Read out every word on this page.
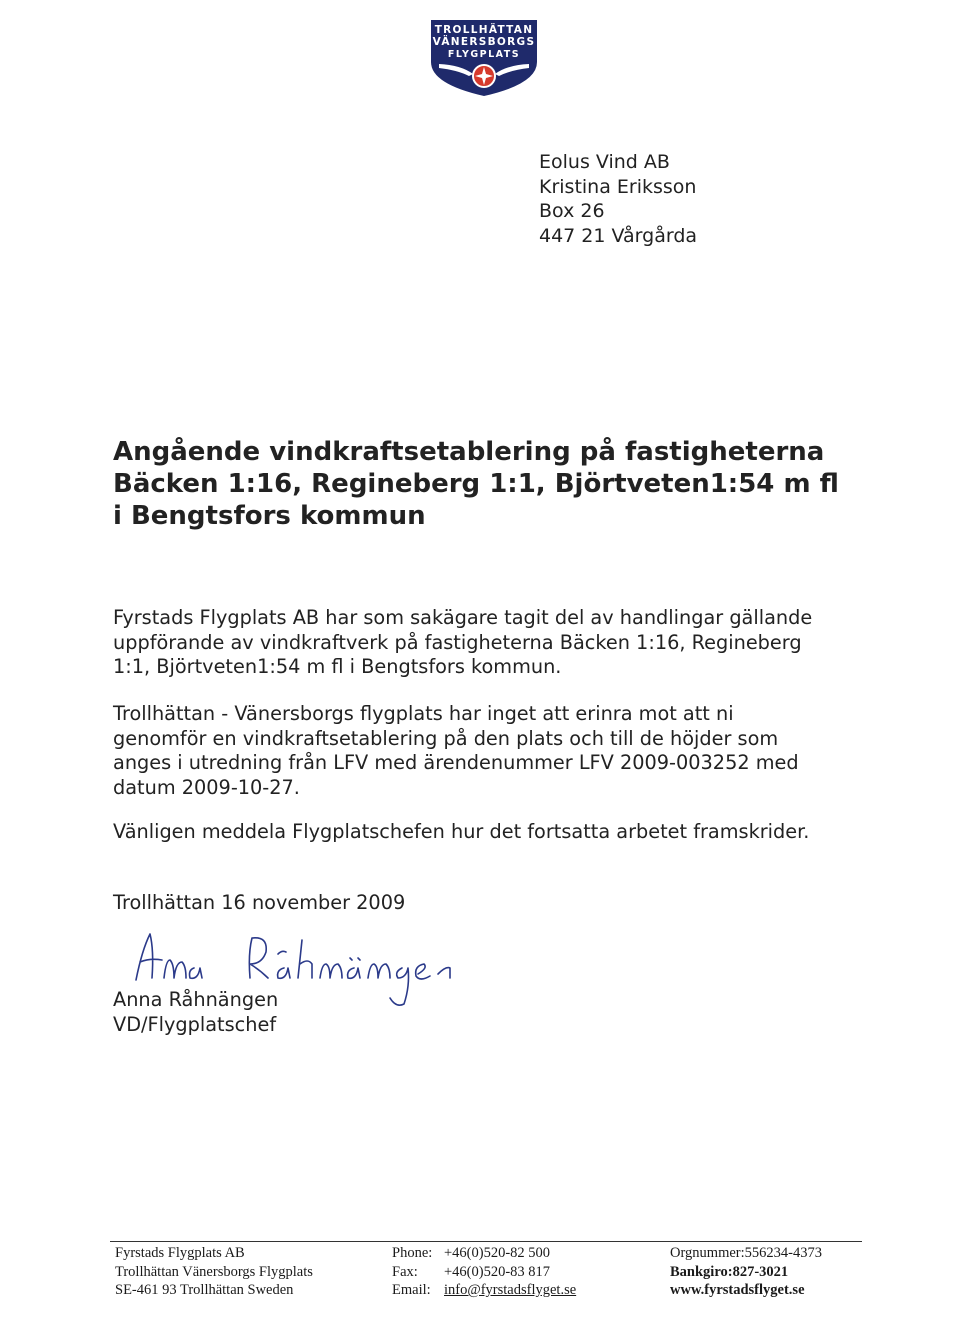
TROLLHÄTTAN
VÄNERSBORGS
FLYGPLATS
Eolus Vind AB
Kristina Eriksson
Box 26
447 21 Vårgårda
Angående vindkraftsetablering på fastigheterna
Bäcken 1:16, Regineberg 1:1, Björtveten1:54 m fl
i Bengtsfors kommun
Fyrstads Flygplats AB har som sakägare tagit del av handlingar gällande
uppförande av vindkraftverk på fastigheterna Bäcken 1:16, Regineberg
1:1, Björtveten1:54 m fl i Bengtsfors kommun.
Trollhättan - Vänersborgs flygplats har inget att erinra mot att ni
genomför en vindkraftsetablering på den plats och till de höjder som
anges i utredning från LFV med ärendenummer LFV 2009-003252 med
datum 2009-10-27.
Vänligen meddela Flygplatschefen hur det fortsatta arbetet framskrider.
Trollhättan 16 november 2009
Anna Råhnängen
VD/Flygplatschef
Fyrstads Flygplats AB
Trollhättan Vänersborgs Flygplats
SE-461 93 Trollhättan Sweden
Phone: +46(0)520-82 500
Fax: +46(0)520-83 817
Email: info@fyrstadsflyget.se
Orgnummer:556234-4373
Bankgiro:827-3021
www.fyrstadsflyget.se
